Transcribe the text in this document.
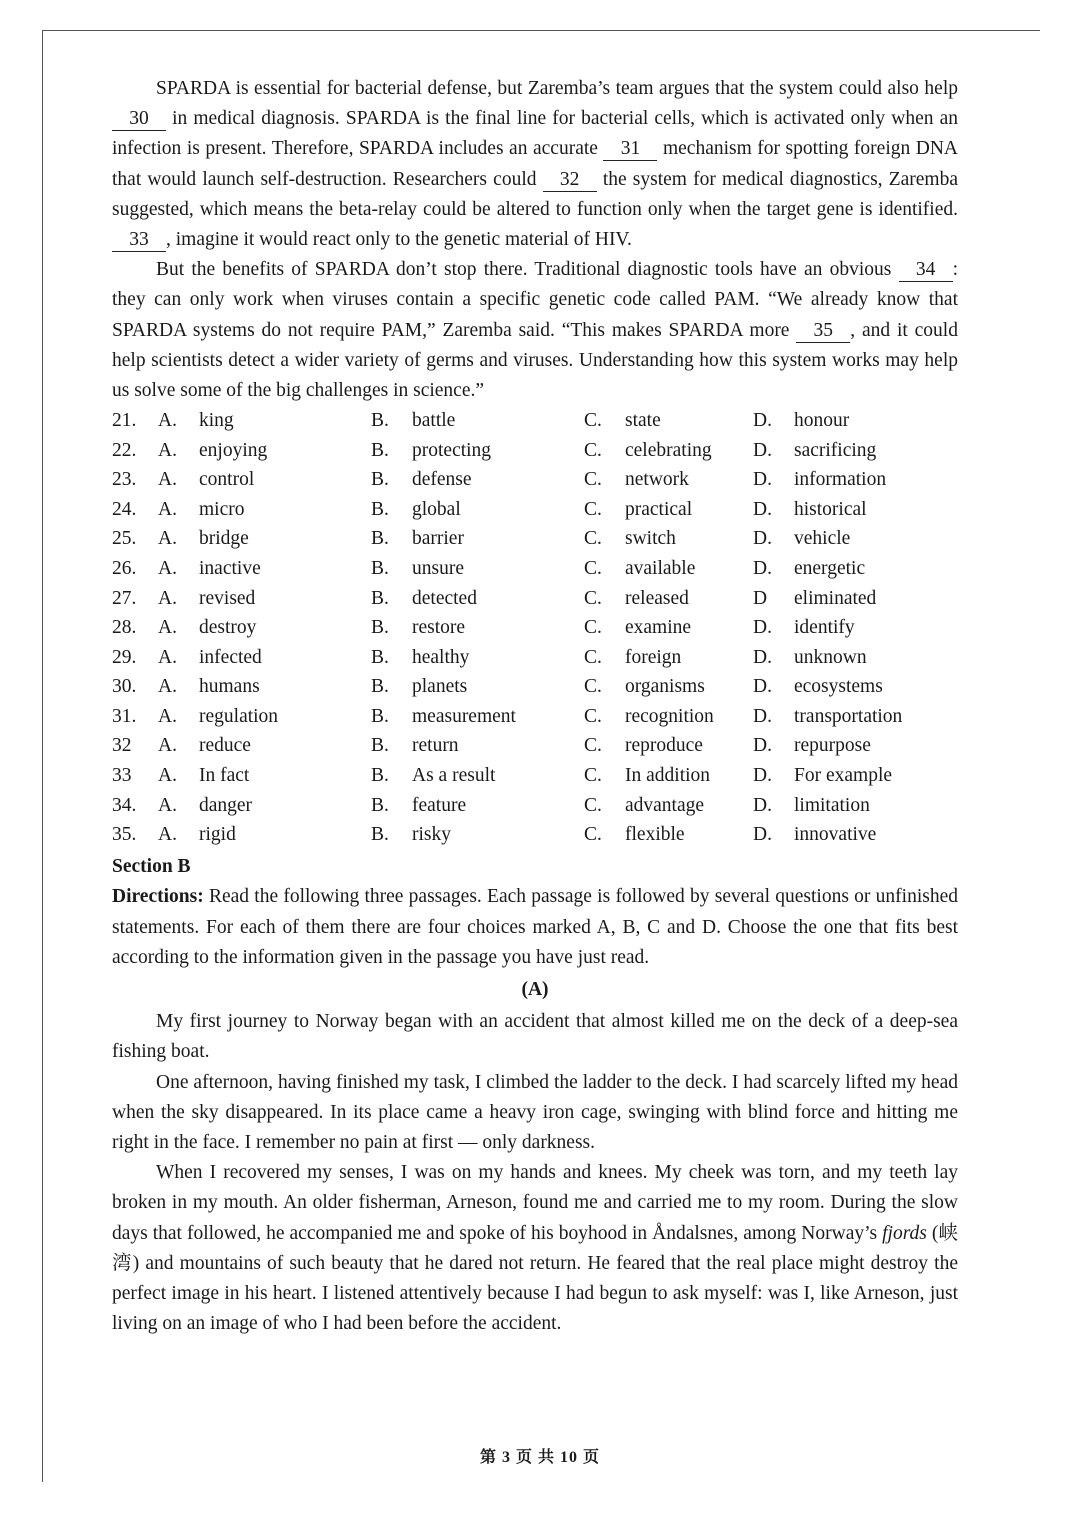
SPARDA is essential for bacterial defense, but Zaremba’s team argues that the system could also help 30 in medical diagnosis. SPARDA is the final line for bacterial cells, which is activated only when an infection is present. Therefore, SPARDA includes an accurate 31 mechanism for spotting foreign DNA that would launch self-destruction. Researchers could 32 the system for medical diagnostics, Zaremba suggested, which means the beta-relay could be altered to function only when the target gene is identified. 33 , imagine it would react only to the genetic material of HIV.

But the benefits of SPARDA don’t stop there. Traditional diagnostic tools have an obvious 34 : they can only work when viruses contain a specific genetic code called PAM. “We already know that SPARDA systems do not require PAM,” Zaremba said. “This makes SPARDA more 35 , and it could help scientists detect a wider variety of germs and viruses. Understanding how this system works may help us solve some of the big challenges in science.”

21.	A.	king	B.	battle	C.	state	D.	honour
22.	A.	enjoying	B.	protecting	C.	celebrating D.	sacrificing
23.	A.	control	B.	defense	C.	network	D.	information
24.	A.	micro	B.	global	C.	practical	D.	historical
25.	A.	bridge	B.	barrier	C.	switch	D.	vehicle
26.	A.	inactive	B.	unsure	C.	available	D.	energetic
27.	A.	revised	B.	detected	C.	released	D	eliminated
28.	A.	destroy	B.	restore	C.	examine	D.	identify
29.	A.	infected	B.	healthy	C.	foreign	D.	unknown
30.	A.	humans	B.	planets	C.	organisms D.	ecosystems
31.	A.	regulation	B.	measurement	C.	recognition D.	transportation
32	A.	reduce	B.	return	C.	reproduce	D.	repurpose
33	A.	In fact	B.	As a result	C.	In addition D.	For example
34.	A.	danger	B.	feature	C.	advantage	D.	limitation
35.	A.	rigid	B.	risky	C.	flexible	D.	innovative
Section B

Directions: Read the following three passages. Each passage is followed by several questions or unfinished statements. For each of them there are four choices marked A, B, C and D. Choose the one that fits best according to the information given in the passage you have just read.

(A)

My first journey to Norway began with an accident that almost killed me on the deck of a deep-sea fishing boat.

One afternoon, having finished my task, I climbed the ladder to the deck. I had scarcely lifted my head when the sky disappeared. In its place came a heavy iron cage, swinging with blind force and hitting me right in the face. I remember no pain at first — only darkness.

When I recovered my senses, I was on my hands and knees. My cheek was torn, and my teeth lay broken in my mouth. An older fisherman, Arneson, found me and carried me to my room. During the slow days that followed, he accompanied me and spoke of his boyhood in Åndalsnes, among Norway’s fjords (峡湾) and mountains of such beauty that he dared not return. He feared that the real place might destroy the perfect image in his heart. I listened attentively because I had begun to ask myself: was I, like Arneson, just living on an image of who I had been before the accident.

第 3 页 共 10 页
